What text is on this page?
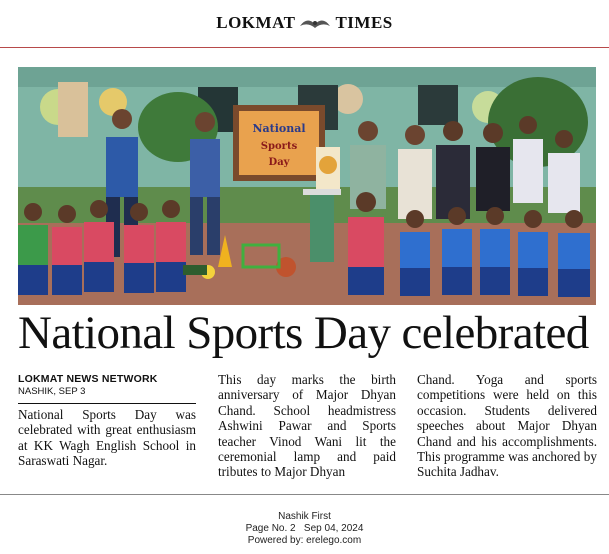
LOKMAT TIMES
National
Sports
Day
National Sports Day celebrated
LOKMAT NEWS NETWORK
NASHIK, SEP 3

National Sports Day was celebrated with great enthusiasm at KK Wagh English School in Saraswati Nagar.

This day marks the birth anniversary of Major Dhyan Chand. School headmistress Ashwini Pawar and Sports teacher Vinod Wani lit the ceremonial lamp and paid tributes to Major Dhyan

Chand. Yoga and sports competitions were held on this occasion. Students delivered speeches about Major Dhyan Chand and his accomplishments. This programme was anchored by Suchita Jadhav.

Nashik First
Page No. 2   Sep 04, 2024
Powered by: erelego.com
